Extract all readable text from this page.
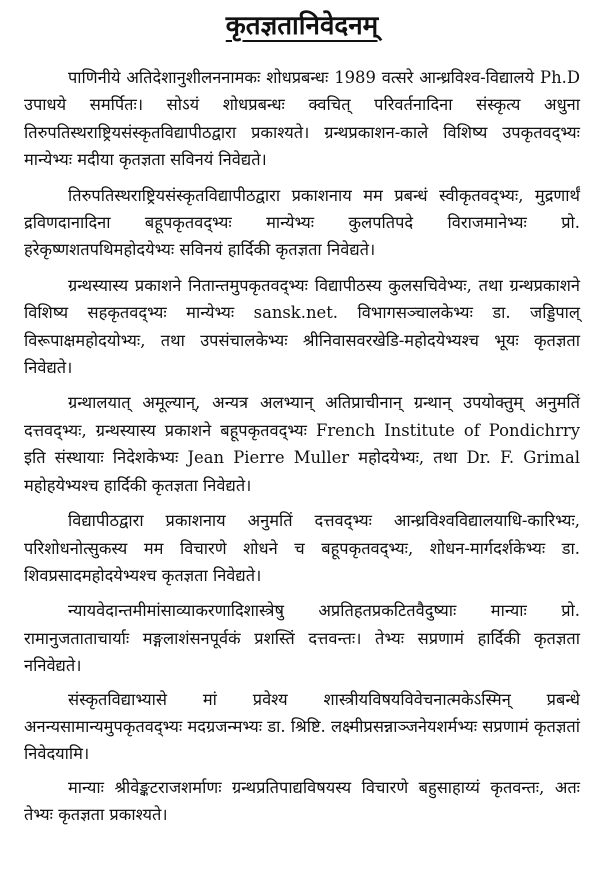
कृतज्ञतानिवेदनम्

पाणिनीये अतिदेशानुशीलननामकः शोधप्रबन्धः 1989 वत्सरे आन्ध्रविश्व-विद्यालये Ph.D उपाधये समर्पितः। सोऽयं शोधप्रबन्धः क्वचित् परिवर्तनादिना संस्कृत्य अधुना तिरुपतिस्थराष्ट्रियसंस्कृतविद्यापीठद्वारा प्रकाश्यते। ग्रन्थप्रकाशन-काले विशिष्य उपकृतवद्भ्यः मान्येभ्यः मदीया कृतज्ञता सविनयं निवेद्यते।

तिरुपतिस्थराष्ट्रियसंस्कृतविद्यापीठद्वारा प्रकाशनाय मम प्रबन्धं स्वीकृतवद्भ्यः, मुद्रणार्थं द्रविणदानादिना बहूपकृतवद्भ्यः मान्येभ्यः कुलपतिपदे विराजमानेभ्यः प्रो. हरेकृष्णशतपथिमहोदयेभ्यः सविनयं हार्दिकी कृतज्ञता निवेद्यते।

ग्रन्थस्यास्य प्रकाशने नितान्तमुपकृतवद्भ्यः विद्यापीठस्य कुलसचिवेभ्यः, तथा ग्रन्थप्रकाशने विशिष्य सहकृतवद्भ्यः मान्येभ्यः sansk.net. विभागसञ्चालकेभ्यः डा. जड्डिपाल् विरूपाक्षमहोदयोभ्यः, तथा उपसंचालकेभ्यः श्रीनिवासवरखेडि-महोदयेभ्यश्च भूयः कृतज्ञता निवेद्यते।

ग्रन्थालयात् अमूल्यान्, अन्यत्र अलभ्यान् अतिप्राचीनान् ग्रन्थान् उपयोक्तुम् अनुमतिं दत्तवद्भ्यः, ग्रन्थस्यास्य प्रकाशने बहूपकृतवद्भ्यः French Institute of Pondichrry इति संस्थायाः निदेशकेभ्यः Jean Pierre Muller महोदयेभ्यः, तथा Dr. F. Grimal महोहयेभ्यश्च हार्दिकी कृतज्ञता निवेद्यते।

विद्यापीठद्वारा प्रकाशनाय अनुमतिं दत्तवद्भ्यः आन्ध्रविश्वविद्यालयाधि-कारिभ्यः, परिशोधनोत्सुकस्य मम विचारणे शोधने च बहूपकृतवद्भ्यः, शोधन-मार्गदर्शकेभ्यः डा. शिवप्रसादमहोदयेभ्यश्च कृतज्ञता निवेद्यते।

न्यायवेदान्तमीमांसाव्याकरणादिशास्त्रेषु अप्रतिहतप्रकटितवैदुष्याः मान्याः प्रो. रामानुजताताचार्याः मङ्गलाशंसनपूर्वकं प्रशस्तिं दत्तवन्तः। तेभ्यः सप्रणामं हार्दिकी कृतज्ञता ननिवेद्यते।

संस्कृतविद्याभ्यासे मां प्रवेश्य शास्त्रीयविषयविवेचनात्मकेऽस्मिन् प्रबन्धे अनन्यसामान्यमुपकृतवद्भ्यः मदग्रजन्मभ्यः डा. श्रिष्टि. लक्ष्मीप्रसन्नाञ्जनेयशर्मभ्यः सप्रणामं कृतज्ञतां निवेदयामि।

मान्याः श्रीवेङ्कटराजशर्माणः ग्रन्थप्रतिपाद्यविषयस्य विचारणे बहुसाहाय्यं कृतवन्तः, अतः तेभ्यः कृतज्ञता प्रकाश्यते।
